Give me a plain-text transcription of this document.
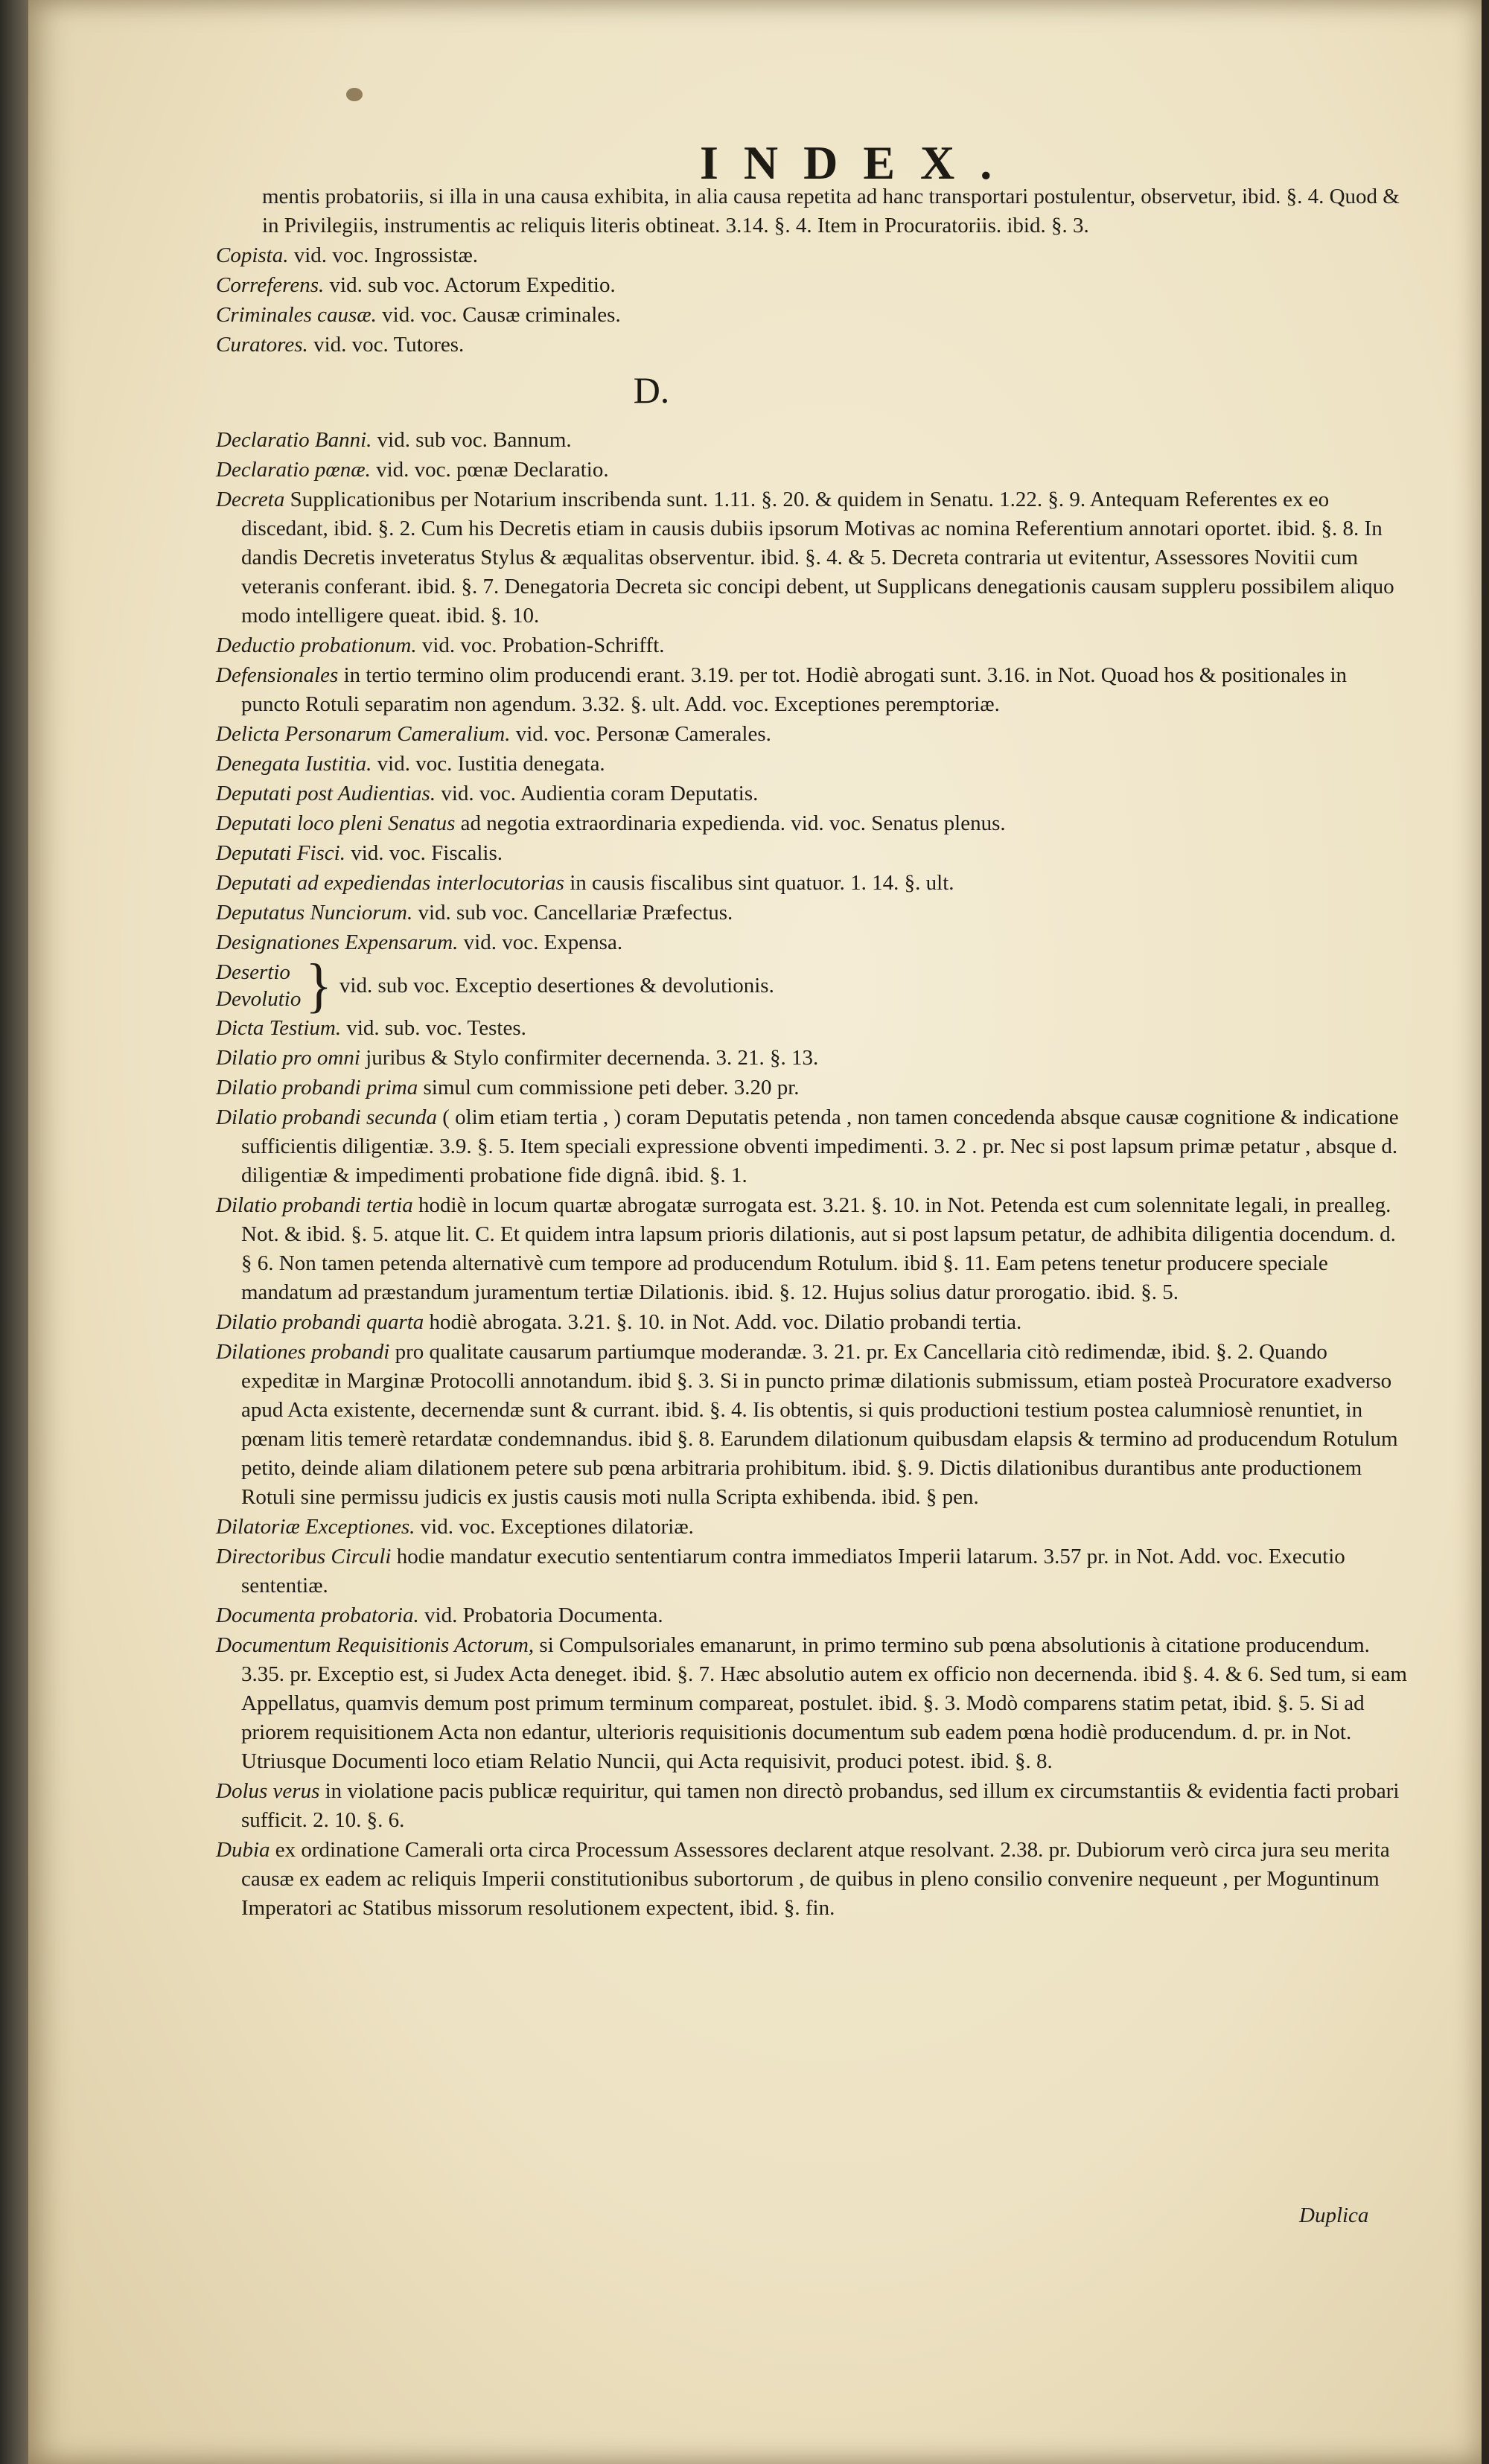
INDEX.
mentis probatoriis, si illa in una causa exhibita, in alia causa repetita ad hanc transportari postulentur, observetur, ibid. §. 4. Quod & in Privilegiis, instrumentis ac reliquis literis obtineat. 3.14. §. 4. Item in Procuratoriis. ibid. §. 3.
Copista. vid. voc. Ingrossistæ.
Correferens. vid. sub voc. Actorum Expeditio.
Criminales causæ. vid. voc. Causæ criminales.
Curatores. vid. voc. Tutores.
D.
Declaratio Banni. vid. sub voc. Bannum.
Declaratio pœnæ. vid. voc. pœnæ Declaratio.
Decreta Supplicationibus per Notarium inscribenda sunt. 1.11. §. 20. & quidem in Senatu. 1.22. §. 9. Antequam Referentes ex eo discedant, ibid. §. 2. Cum his Decretis etiam in causis dubiis ipsorum Motivas ac nomina Referentium annotari oportet. ibid. §. 8. In dandis Decretis inveteratus Stylus & æqualitas observentur. ibid. §. 4. & 5. Decreta contraria ut evitentur, Assessores Novitii cum veteranis conferant. ibid. §. 7. Denegatoria Decreta sic concipi debent, ut Supplicans denegationis causam suppleru possibilem aliquo modo intelligere queat. ibid. §. 10.
Deductio probationum. vid. voc. Probation-Schrifft.
Defensionales in tertio termino olim producendi erant. 3.19. per tot. Hodiè abrogati sunt. 3.16. in Not. Quoad hos & positionales in puncto Rotuli separatim non agendum. 3.32. §. ult. Add. voc. Exceptiones peremptoriæ.
Delicta Personarum Cameralium. vid. voc. Personæ Camerales.
Denegata Iustitia. vid. voc. Iustitia denegata.
Deputati post Audientias. vid. voc. Audientia coram Deputatis.
Deputati loco pleni Senatus ad negotia extraordinaria expedienda. vid. voc. Senatus plenus.
Deputati Fisci. vid. voc. Fiscalis.
Deputati ad expediendas interlocutorias in causis fiscalibus sint quatuor. 1. 14. §. ult.
Deputatus Nunciorum. vid. sub voc. Cancellariæ Præfectus.
Designationes Expensarum. vid. voc. Expensa.
Desertio
Devolutio } vid. sub voc. Exceptio desertiones & devolutionis.
Dicta Testium. vid. sub. voc. Testes.
Dilatio pro omni juribus & Stylo confirmiter decernenda. 3. 21. §. 13.
Dilatio probandi prima simul cum commissione peti deber. 3.20 pr.
Dilatio probandi secunda ( olim etiam tertia , ) coram Deputatis petenda , non tamen concedenda absque causæ cognitione & indicatione sufficientis diligentiæ. 3.9. §. 5. Item speciali expressione obventi impedimenti. 3. 2 . pr. Nec si post lapsum primæ petatur , absque d. diligentiæ & impedimenti probatione fide dignâ. ibid. §. 1.
Dilatio probandi tertia hodiè in locum quartæ abrogatæ surrogata est. 3.21. §. 10. in Not. Petenda est cum solennitate legali, in prealleg. Not. & ibid. §. 5. atque lit. C. Et quidem intra lapsum prioris dilationis, aut si post lapsum petatur, de adhibita diligentia docendum. d. § 6. Non tamen petenda alternativè cum tempore ad producendum Rotulum. ibid §. 11. Eam petens tenetur producere speciale mandatum ad præstandum juramentum tertiæ Dilationis. ibid. §. 12. Hujus solius datur prorogatio. ibid. §. 5.
Dilatio probandi quarta hodiè abrogata. 3.21. §. 10. in Not. Add. voc. Dilatio probandi tertia.
Dilationes probandi pro qualitate causarum partiumque moderandæ. 3. 21. pr. Ex Cancellaria citò redimendæ, ibid. §. 2. Quando expeditæ in Marginæ Protocolli annotandum. ibid §. 3. Si in puncto primæ dilationis submissum, etiam posteà Procuratore exadverso apud Acta existente, decernendæ sunt & currant. ibid. §. 4. Iis obtentis, si quis productioni testium postea calumniosè renuntiet, in pœnam litis temerè retardatæ condemnandus. ibid §. 8. Earundem dilationum quibusdam elapsis & termino ad producendum Rotulum petito, deinde aliam dilationem petere sub pœna arbitraria prohibitum. ibid. §. 9. Dictis dilationibus durantibus ante productionem Rotuli sine permissu judicis ex justis causis moti nulla Scripta exhibenda. ibid. § pen.
Dilatoriæ Exceptiones. vid. voc. Exceptiones dilatoriæ.
Directoribus Circuli hodie mandatur executio sententiarum contra immediatos Imperii latarum. 3.57 pr. in Not. Add. voc. Executio sententiæ.
Documenta probatoria. vid. Probatoria Documenta.
Documentum Requisitionis Actorum, si Compulsoriales emanarunt, in primo termino sub pœna absolutionis à citatione producendum. 3.35. pr. Exceptio est, si Judex Acta deneget. ibid. §. 7. Hæc absolutio autem ex officio non decernenda. ibid §. 4. & 6. Sed tum, si eam Appellatus, quamvis demum post primum terminum compareat, postulet. ibid. §. 3. Modò comparens statim petat, ibid. §. 5. Si ad priorem requisitionem Acta non edantur, ulterioris requisitionis documentum sub eadem pœna hodiè producendum. d. pr. in Not. Utriusque Documenti loco etiam Relatio Nuncii, qui Acta requisivit, produci potest. ibid. §. 8.
Dolus verus in violatione pacis publicæ requiritur, qui tamen non directò probandus, sed illum ex circumstantiis & evidentia facti probari sufficit. 2. 10. §. 6.
Dubia ex ordinatione Camerali orta circa Processum Assessores declarent atque resolvant. 2.38. pr. Dubiorum verò circa jura seu merita causæ ex eadem ac reliquis Imperii constitutionibus subortorum , de quibus in pleno consilio convenire nequeunt , per Moguntinum Imperatori ac Statibus missorum resolutionem expectent, ibid. §. fin.
Duplica
